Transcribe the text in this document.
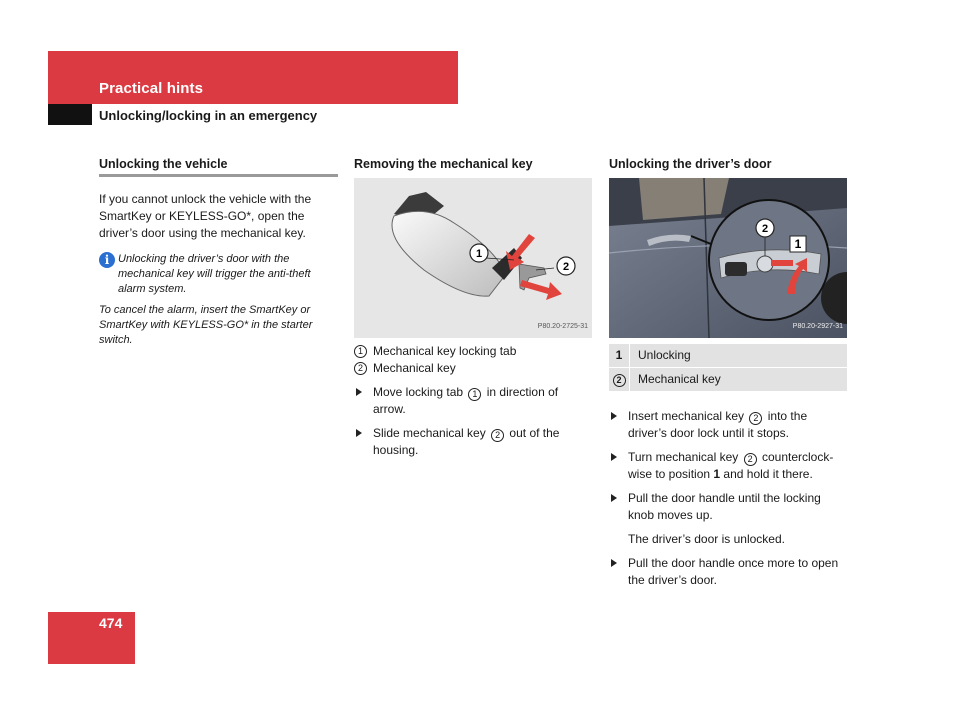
Practical hints
Unlocking/locking in an emergency
Unlocking the vehicle
If you cannot unlock the vehicle with the SmartKey or KEYLESS-GO*, open the driver’s door using the mechanical key.
i Unlocking the driver’s door with the mechanical key will trigger the anti-theft alarm system.
To cancel the alarm, insert the SmartKey or SmartKey with KEYLESS-GO* in the starter switch.
Removing the mechanical key
1
2
P80.20-2725-31
1 Mechanical key locking tab
2 Mechanical key
Move locking tab 1 in direction of arrow.
Slide mechanical key 2 out of the housing.
Unlocking the driver’s door
2
1
P80.20-2927-31
1	Unlocking
2	Mechanical key
Insert mechanical key 2 into the driver’s door lock until it stops.
Turn mechanical key 2 counterclock-wise to position 1 and hold it there.
Pull the door handle until the locking knob moves up.
The driver’s door is unlocked.
Pull the door handle once more to open the driver’s door.
474
